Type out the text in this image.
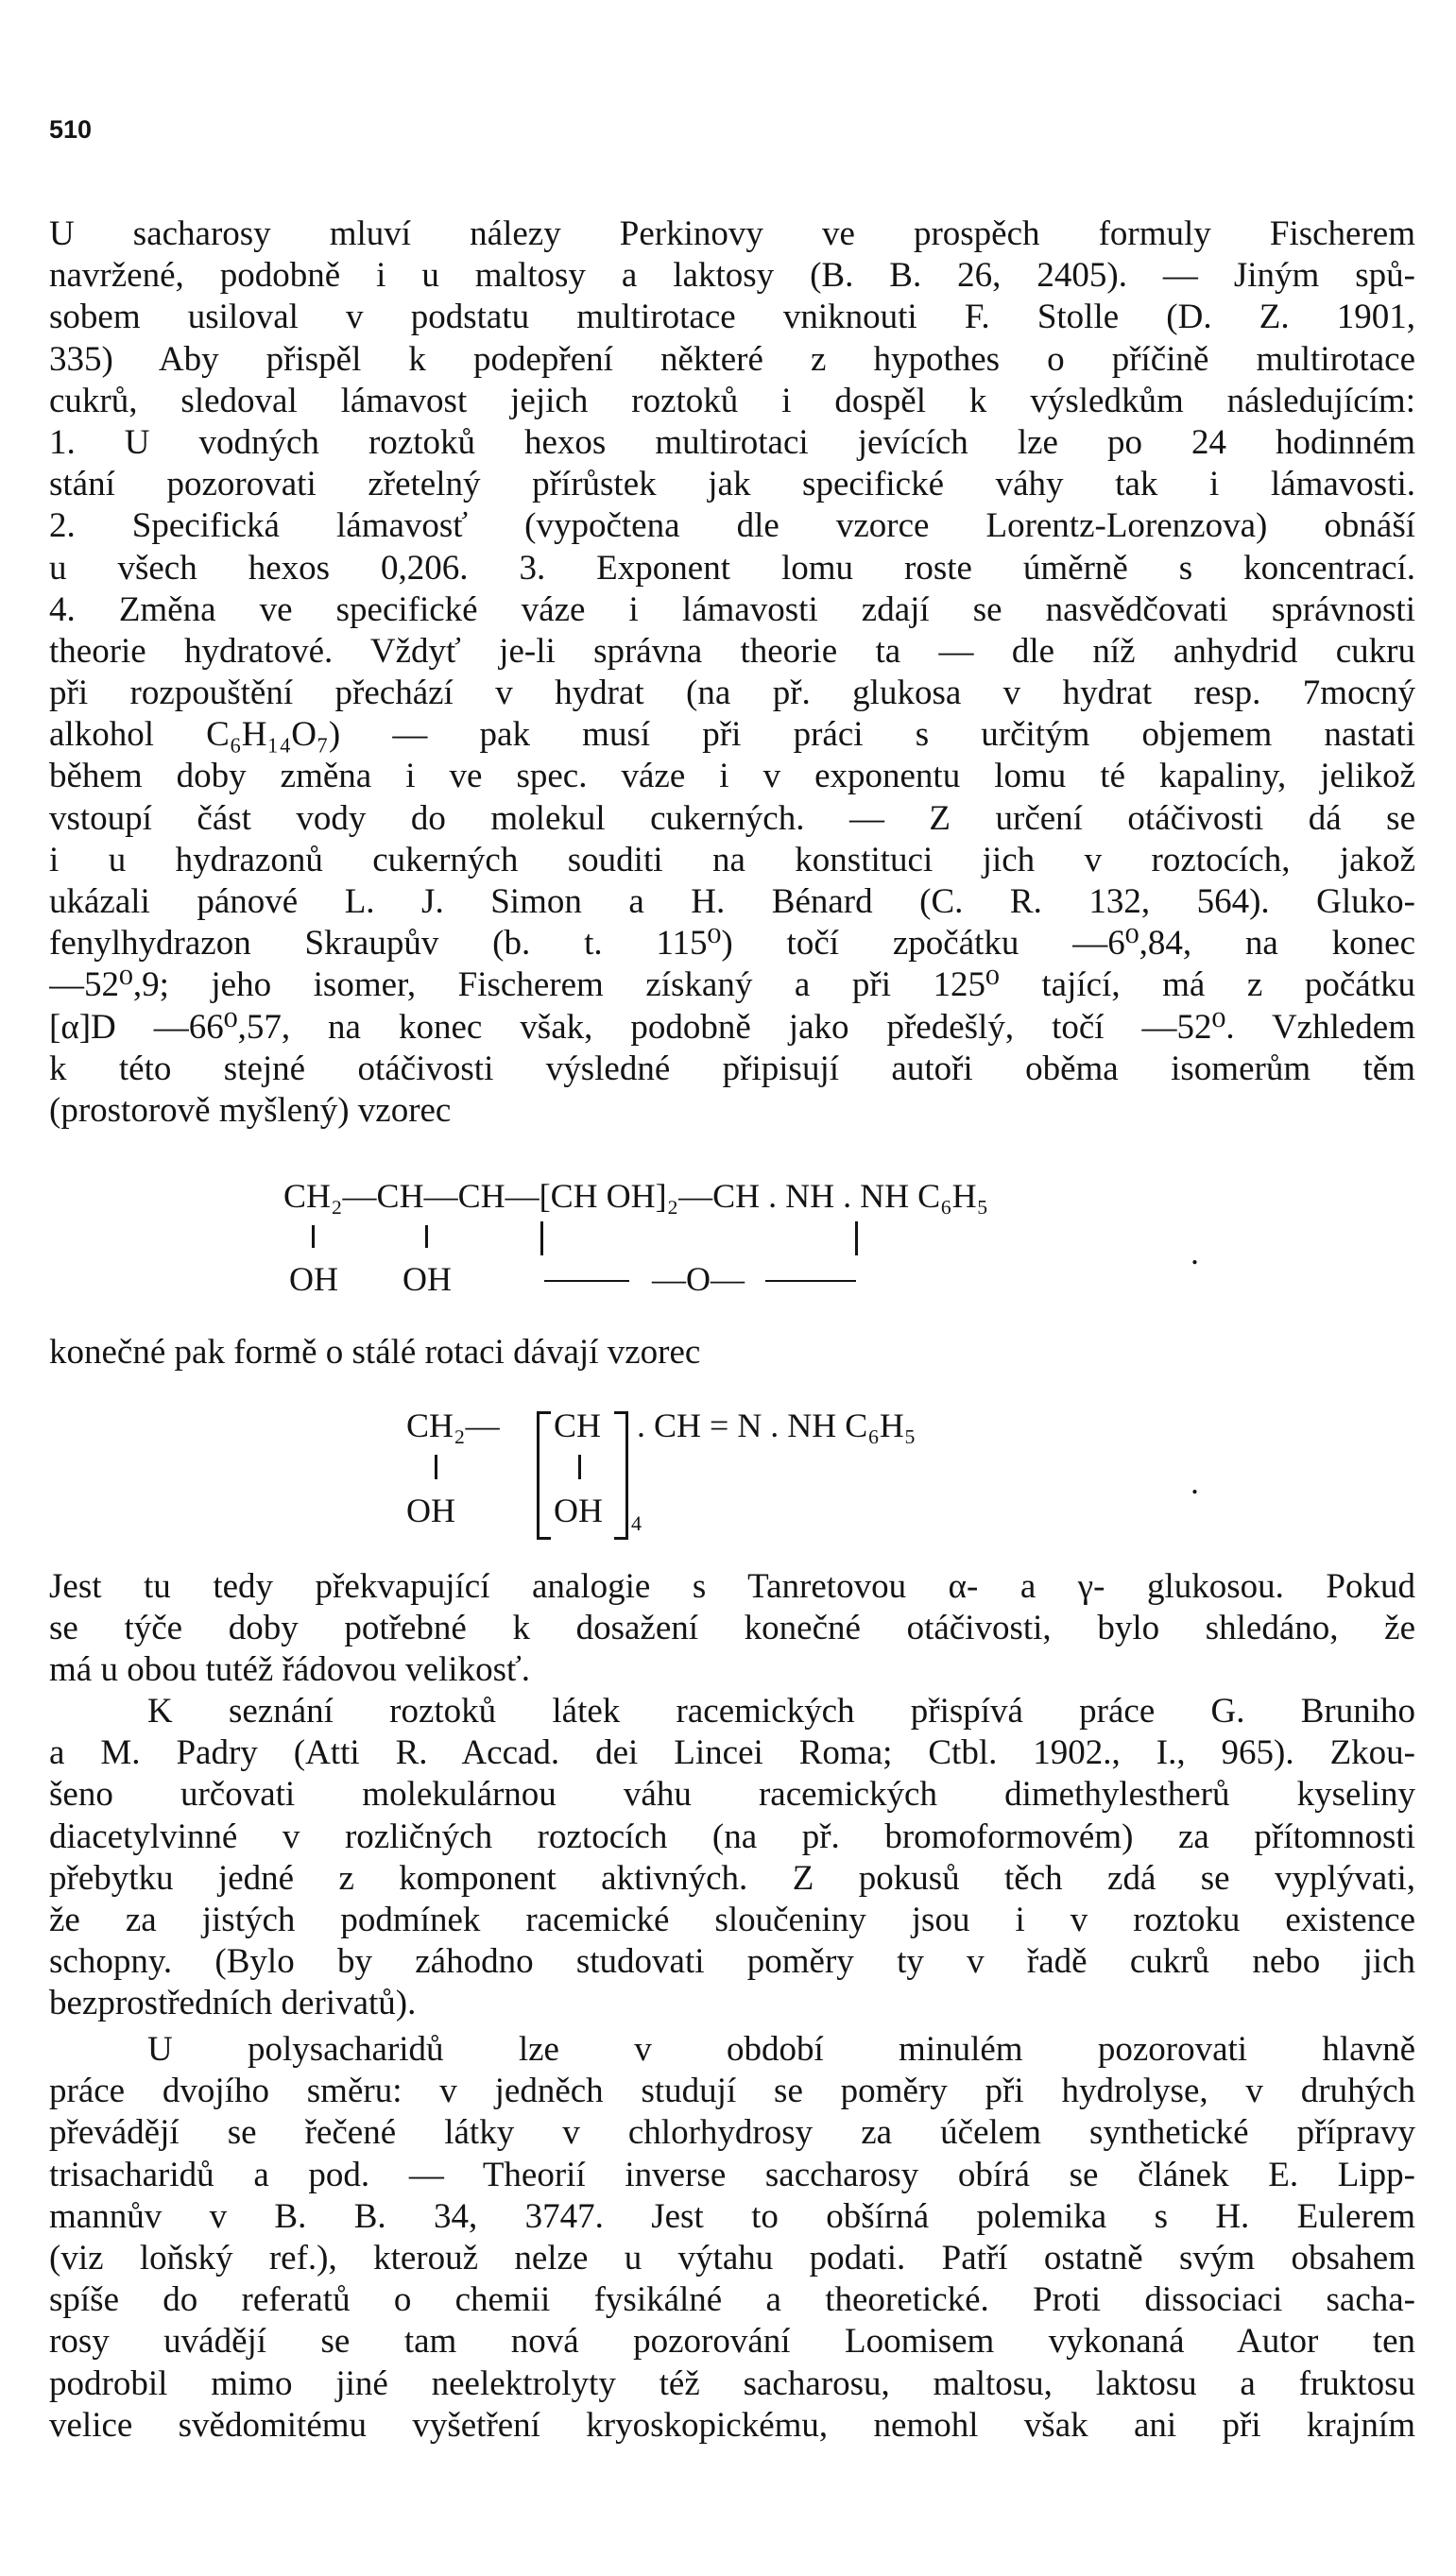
510
U sacharosy mluví nálezy Perkinovy ve prospěch formuly Fischerem
navržené, podobně i u maltosy a laktosy (B. B. 26, 2405). — Jiným spů-
sobem usiloval v podstatu multirotace vniknouti F. Stolle (D. Z. 1901,
335) Aby přispěl k podepření některé z hypothes o příčině multirotace
cukrů, sledoval lámavost jejich roztoků i dospěl k výsledkům následujícím:
1. U vodných roztoků hexos multirotaci jevících lze po 24 hodinném
stání pozorovati zřetelný přírůstek jak specifické váhy tak i lámavosti.
2. Specifická lámavosť (vypočtena dle vzorce Lorentz-Lorenzova) obnáší
u všech hexos 0,206. 3. Exponent lomu roste úměrně s koncentrací.
4. Změna ve specifické váze i lámavosti zdají se nasvědčovati správnosti
theorie hydratové. Vždyť je-li správna theorie ta — dle níž anhydrid cukru
při rozpouštění přechází v hydrat (na př. glukosa v hydrat resp. 7mocný
alkohol C₆H₁₄O₇) — pak musí při práci s určitým objemem nastati
během doby změna i ve spec. váze i v exponentu lomu té kapaliny, jelikož
vstoupí část vody do molekul cukerných. — Z určení otáčivosti dá se
i u hydrazonů cukerných souditi na konstituci jich v roztocích, jakož
ukázali pánové L. J. Simon a H. Bénard (C. R. 132, 564). Gluko-
fenylhydrazon Skraupův (b. t. 115⁰) točí zpočátku —6⁰,84, na konec
—52⁰,9; jeho isomer, Fischerem získaný a při 125⁰ tající, má z počátku
[α]D —66⁰,57, na konec však, podobně jako předešlý, točí —52⁰. Vzhledem
k této stejné otáčivosti výsledné připisují autoři oběma isomerům těm
(prostorově myšlený) vzorec
CH₂—CH—CH—[CH OH]₂—CH . NH . NH C₆H₅
OH OH	—O—
.
konečné pak formě o stálé rotaci dávají vzorec
CH₂— CH . CH = N . NH C₆H₅
OH	OH 4
.
Jest tu tedy překvapující analogie s Tanretovou α- a γ- glukosou. Pokud
se týče doby potřebné k dosažení konečné otáčivosti, bylo shledáno, že
má u obou tutéž řádovou velikosť.
K seznání roztoků látek racemických přispívá práce G. Bruniho
a M. Padry (Atti R. Accad. dei Lincei Roma; Ctbl. 1902., I., 965). Zkou-
šeno určovati molekulárnou váhu racemických dimethylestherů kyseliny
diacetylvinné v rozličných roztocích (na př. bromoformovém) za přítomnosti
přebytku jedné z komponent aktivných. Z pokusů těch zdá se vyplývati,
že za jistých podmínek racemické sloučeniny jsou i v roztoku existence
schopny. (Bylo by záhodno studovati poměry ty v řadě cukrů nebo jich
bezprostředních derivatů).
U polysacharidů lze v období minulém pozorovati hlavně
práce dvojího směru: v jedněch studují se poměry při hydrolyse, v druhých
převádějí se řečené látky v chlorhydrosy za účelem synthetické přípravy
trisacharidů a pod. — Theorií inverse saccharosy obírá se článek E. Lipp-
mannův v B. B. 34, 3747. Jest to obšírná polemika s H. Eulerem
(viz loňský ref.), kterouž nelze u výtahu podati. Patří ostatně svým obsahem
spíše do referatů o chemii fysikálné a theoretické. Proti dissociaci sacha-
rosy uvádějí se tam nová pozorování Loomisem vykonaná Autor ten
podrobil mimo jiné neelektrolyty též sacharosu, maltosu, laktosu a fruktosu
velice svědomitému vyšetření kryoskopickému, nemohl však ani při krajním
